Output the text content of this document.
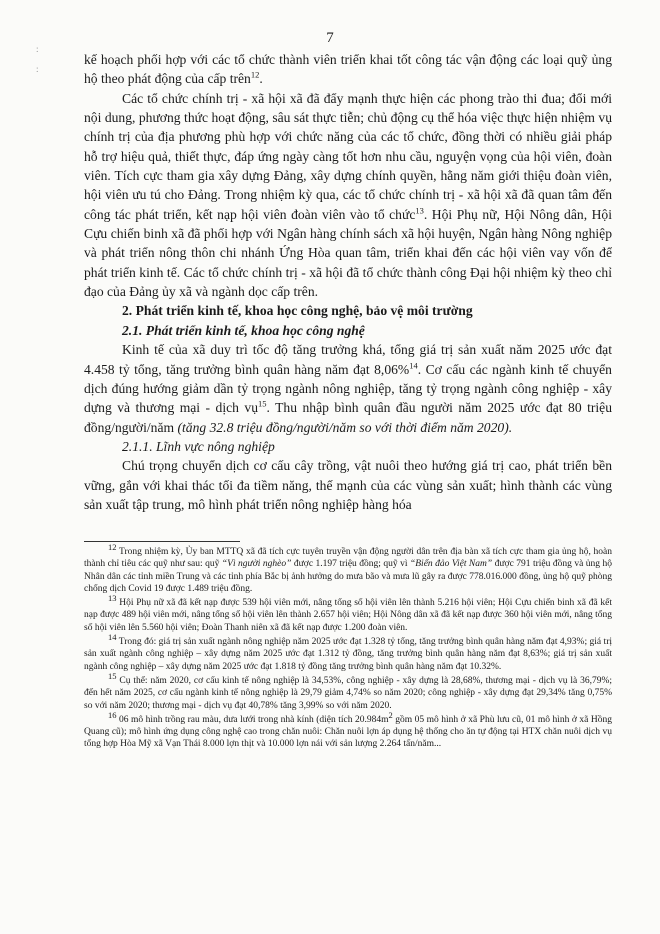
7
:

:

kế hoạch phối hợp với các tổ chức thành viên triển khai tốt công tác vận động các loại quỹ ủng hộ theo phát động của cấp trên$^{12}$.

Các tổ chức chính trị - xã hội xã đã đẩy mạnh thực hiện các phong trào thi đua; đổi mới nội dung, phương thức hoạt động, sâu sát thực tiễn; chủ động cụ thể hóa việc thực hiện nhiệm vụ chính trị của địa phương phù hợp với chức năng của các tổ chức, đồng thời có nhiều giải pháp hỗ trợ hiệu quả, thiết thực, đáp ứng ngày càng tốt hơn nhu cầu, nguyện vọng của hội viên, đoàn viên. Tích cực tham gia xây dựng Đảng, xây dựng chính quyền, hằng năm giới thiệu đoàn viên, hội viên ưu tú cho Đảng. Trong nhiệm kỳ qua, các tổ chức chính trị - xã hội xã đã quan tâm đến công tác phát triển, kết nạp hội viên đoàn viên vào tổ chức$^{13}$. Hội Phụ nữ, Hội Nông dân, Hội Cựu chiến binh xã đã phối hợp với Ngân hàng chính sách xã hội huyện, Ngân hàng Nông nghiệp và phát triển nông thôn chi nhánh Ứng Hòa quan tâm, triển khai đến các hội viên vay vốn để phát triển kinh tế. Các tổ chức chính trị - xã hội đã tổ chức thành công Đại hội nhiệm kỳ theo chỉ đạo của Đảng ủy xã và ngành dọc cấp trên.

2. Phát triển kinh tế, khoa học công nghệ, bảo vệ môi trường

2.1. Phát triển kinh tế, khoa học công nghệ

Kinh tế của xã duy trì tốc độ tăng trưởng khá, tổng giá trị sản xuất năm 2025 ước đạt 4.458 tỷ tổng, tăng trưởng bình quân hàng năm đạt 8,06%$^{14}$. Cơ cấu các ngành kinh tế chuyển dịch đúng hướng giảm dần tỷ trọng ngành nông nghiệp, tăng tỷ trọng ngành công nghiệp - xây dựng và thương mại - dịch vụ$^{15}$. Thu nhập bình quân đầu người năm 2025 ước đạt 80 triệu đồng/người/năm (tăng 32.8 triệu đồng/người/năm so với thời điểm năm 2020).

2.1.1. Lĩnh vực nông nghiệp

Chú trọng chuyển dịch cơ cấu cây trồng, vật nuôi theo hướng giá trị cao, phát triển bền vững, gắn với khai thác tối đa tiềm năng, thế mạnh của các vùng sản xuất; hình thành các vùng sản xuất tập trung, mô hình phát triển nông nghiệp hàng hóa

$^{12}$ Trong nhiệm kỳ, Ủy ban MTTQ xã đã tích cực tuyên truyền vận động người dân trên địa bàn xã tích cực tham gia ủng hộ, hoàn thành chỉ tiêu các quỹ như sau: quỹ “Vì người nghèo” được 1.197 triệu đồng; quỹ vì “Biển đảo Việt Nam” được 791 triệu đồng và ủng hộ Nhân dân các tỉnh miền Trung và các tỉnh phía Bắc bị ảnh hưởng do mưa bão và mưa lũ gây ra được 778.016.000 đồng, ủng hộ quỹ phòng chống dịch Covid 19 được 1.489 triệu đồng.

$^{13}$ Hội Phụ nữ xã đã kết nạp được 539 hội viên mới, nâng tổng số hội viên lên thành 5.216 hội viên; Hội Cựu chiến binh xã đã kết nạp được 489 hội viên mới, nâng tổng số hội viên lên thành 2.657 hội viên; Hội Nông dân xã đã kết nạp được 360 hội viên mới, nâng tổng số hội viên lên 5.560 hội viên; Đoàn Thanh niên xã đã kết nạp được 1.200 đoàn viên.

$^{14}$ Trong đó: giá trị sản xuất ngành nông nghiệp năm 2025 ước đạt 1.328 tỷ tổng, tăng trưởng bình quân hàng năm đạt 4,93%; giá trị sản xuất ngành công nghiệp – xây dựng năm 2025 ước đạt 1.312 tỷ đồng, tăng trưởng bình quân hàng năm đạt 8,63%; giá trị sản xuất ngành công nghiệp – xây dựng năm 2025 ước đạt 1.818 tỷ đồng tăng trưởng bình quân hàng năm đạt 10.32%.

$^{15}$ Cụ thể: năm 2020, cơ cấu kinh tế nông nghiệp là 34,53%, công nghiệp - xây dựng là 28,68%, thương mại - dịch vụ là 36,79%; đến hết năm 2025, cơ cấu ngành kinh tế nông nghiệp là 29,79 giảm 4,74% so năm 2020; công nghiệp - xây dựng đạt 29,34% tăng 0,75% so với năm 2020; thương mại - dịch vụ đạt 40,78% tăng 3,99% so với năm 2020.

$^{16}$ 06 mô hình trồng rau màu, dưa lưới trong nhà kính (diện tích $20.984m^2$ gồm 05 mô hình ở xã Phù lưu cũ, 01 mô hình ở xã Hồng Quang cũ); mô hình ứng dụng công nghệ cao trong chăn nuôi: Chăn nuôi lợn áp dụng hệ thống cho ăn tự động tại HTX chăn nuôi dịch vụ tổng hợp Hòa Mỹ xã Vạn Thái 8.000 lợn thịt và 10.000 lợn nái với sản lượng 2.264 tấn/năm...
